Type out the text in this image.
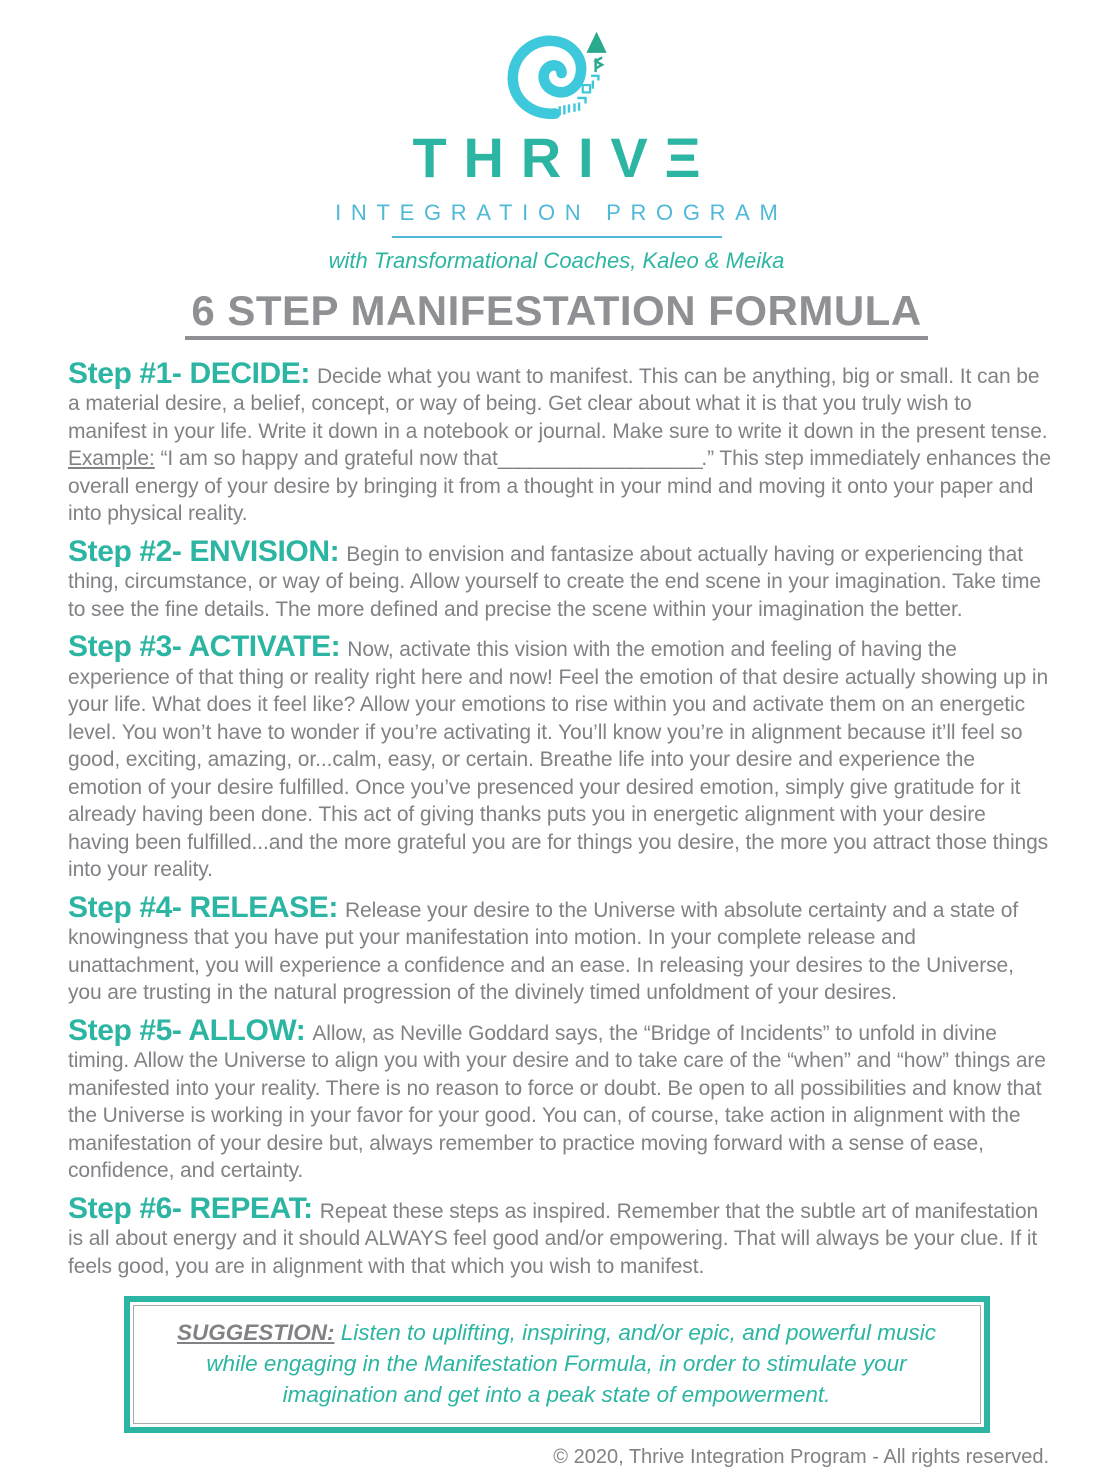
THRIVΞ
INTEGRATION PROGRAM
with Transformational Coaches, Kaleo & Meika
6 STEP MANIFESTATION FORMULA

Step #1- DECIDE: Decide what you want to manifest. This can be anything, big or small. It can be a material desire, a belief, concept, or way of being. Get clear about what it is that you truly wish to manifest in your life. Write it down in a notebook or journal. Make sure to write it down in the present tense. Example: “I am so happy and grateful now that____________________.” This step immediately enhances the overall energy of your desire by bringing it from a thought in your mind and moving it onto your paper and into physical reality.

Step #2- ENVISION: Begin to envision and fantasize about actually having or experiencing that thing, circumstance, or way of being. Allow yourself to create the end scene in your imagination. Take time to see the fine details. The more defined and precise the scene within your imagination the better.

Step #3- ACTIVATE: Now, activate this vision with the emotion and feeling of having the experience of that thing or reality right here and now! Feel the emotion of that desire actually showing up in your life. What does it feel like? Allow your emotions to rise within you and activate them on an energetic level. You won’t have to wonder if you’re activating it. You’ll know you’re in alignment because it’ll feel so good, exciting, amazing, or...calm, easy, or certain. Breathe life into your desire and experience the emotion of your desire fulfilled. Once you’ve presenced your desired emotion, simply give gratitude for it already having been done. This act of giving thanks puts you in energetic alignment with your desire having been fulfilled...and the more grateful you are for things you desire, the more you attract those things into your reality.

Step #4- RELEASE: Release your desire to the Universe with absolute certainty and a state of knowingness that you have put your manifestation into motion. In your complete release and unattachment, you will experience a confidence and an ease. In releasing your desires to the Universe, you are trusting in the natural progression of the divinely timed unfoldment of your desires.

Step #5- ALLOW: Allow, as Neville Goddard says, the “Bridge of Incidents” to unfold in divine timing. Allow the Universe to align you with your desire and to take care of the “when” and “how” things are manifested into your reality. There is no reason to force or doubt. Be open to all possibilities and know that the Universe is working in your favor for your good. You can, of course, take action in alignment with the manifestation of your desire but, always remember to practice moving forward with a sense of ease, confidence, and certainty.

Step #6- REPEAT: Repeat these steps as inspired. Remember that the subtle art of manifestation is all about energy and it should ALWAYS feel good and/or empowering. That will always be your clue. If it feels good, you are in alignment with that which you wish to manifest.

SUGGESTION: Listen to uplifting, inspiring, and/or epic, and powerful music while engaging in the Manifestation Formula, in order to stimulate your imagination and get into a peak state of empowerment.
© 2020, Thrive Integration Program - All rights reserved.
